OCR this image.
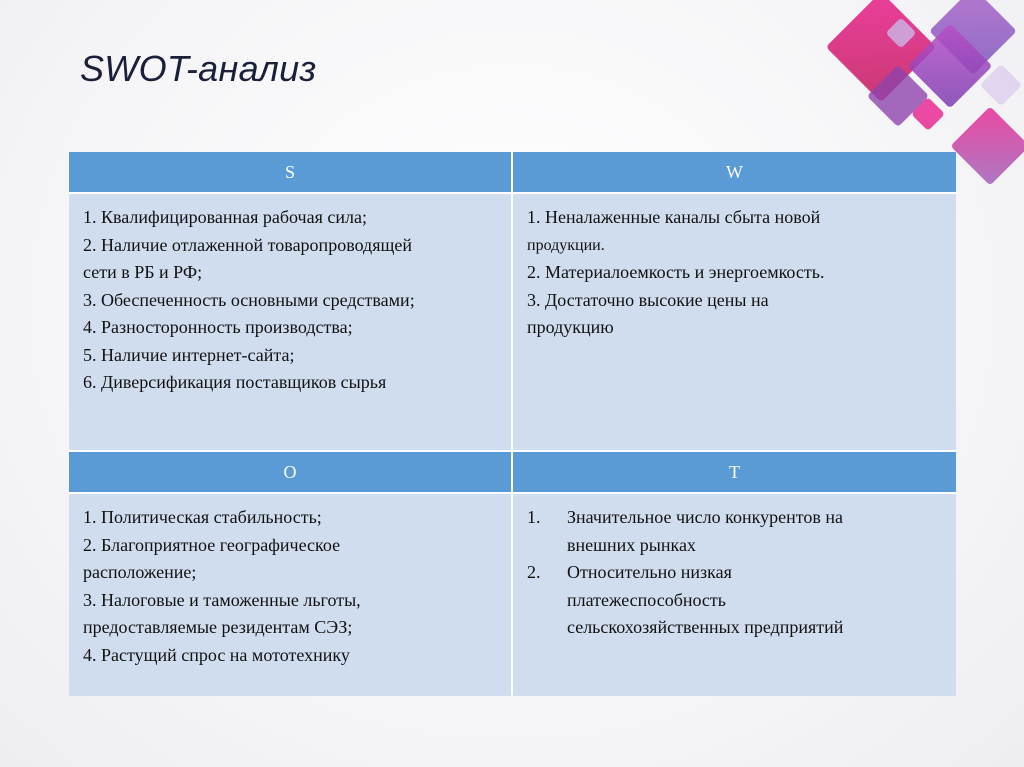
SWOT-анализ
S	W
1. Квалифицированная рабочая сила;
2. Наличие отлаженной товаропроводящей
сети в РБ и РФ;
3. Обеспеченность основными средствами;
4. Разносторонность производства;
5. Наличие интернет-сайта;
6. Диверсификация поставщиков сырья
1. Неналаженные каналы сбыта новой
продукции.
2. Материалоемкость и энергоемкость.
3. Достаточно высокие цены на
продукцию
O	T
1. Политическая стабильность;
2. Благоприятное географическое
расположение;
3. Налоговые и таможенные льготы,
предоставляемые резидентам СЭЗ;
4. Растущий спрос на мототехнику
1. Значительное число конкурентов на
внешних рынках
2. Относительно низкая
платежеспособность
сельскохозяйственных предприятий
